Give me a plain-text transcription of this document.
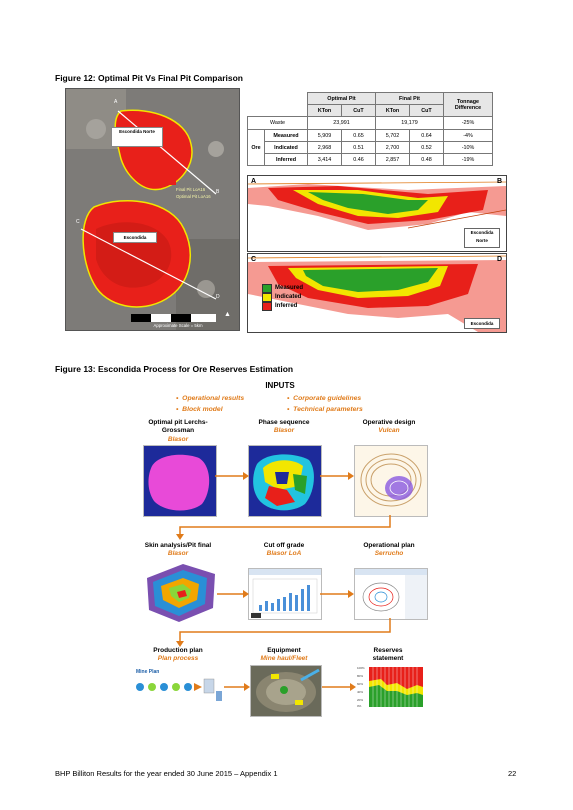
Figure 12: Optimal Pit Vs Final Pit Comparison
Escondida Norte
Escondida
Final Pit LoA16
Optimal Pit LoA16
A
B
C
D
Approximate Scale = 5km
▲
		Optimal Pit		Final Pit		Tonnage Difference
		KTon	CuT	KTon	CuT	
Waste		23,991		19,179		-25%
Ore	Measured	5,909	0.65	5,702	0.64	-4%
	Indicated	2,968	0.51	2,700	0.52	-10%
	Inferred	3,414	0.46	2,857	0.48	-19%
A	B
Escondida Norte
C	D
Measured
Indicated
Inferred
Escondida
Figure 13: Escondida Process for Ore Reserves Estimation
INPUTS
•  Operational results
•  Block model
•  Corporate guidelines
•  Technical parameters
Optimal pit Lerchs-Grossman
Blasor
Phase sequence
Blasor
Operative design
Vulcan
Skin analysis/Pit final
Blasor
Cut off grade
Blasor LoA
Operational plan
Serrucho
Production plan
Plan process
Equipment
Mine haul/Fleet
Reserves statement
Mine Plan
100%
80%
60%
40%
20%
0%
BHP Billiton Results for the year ended 30 June 2015 – Appendix 1	22
